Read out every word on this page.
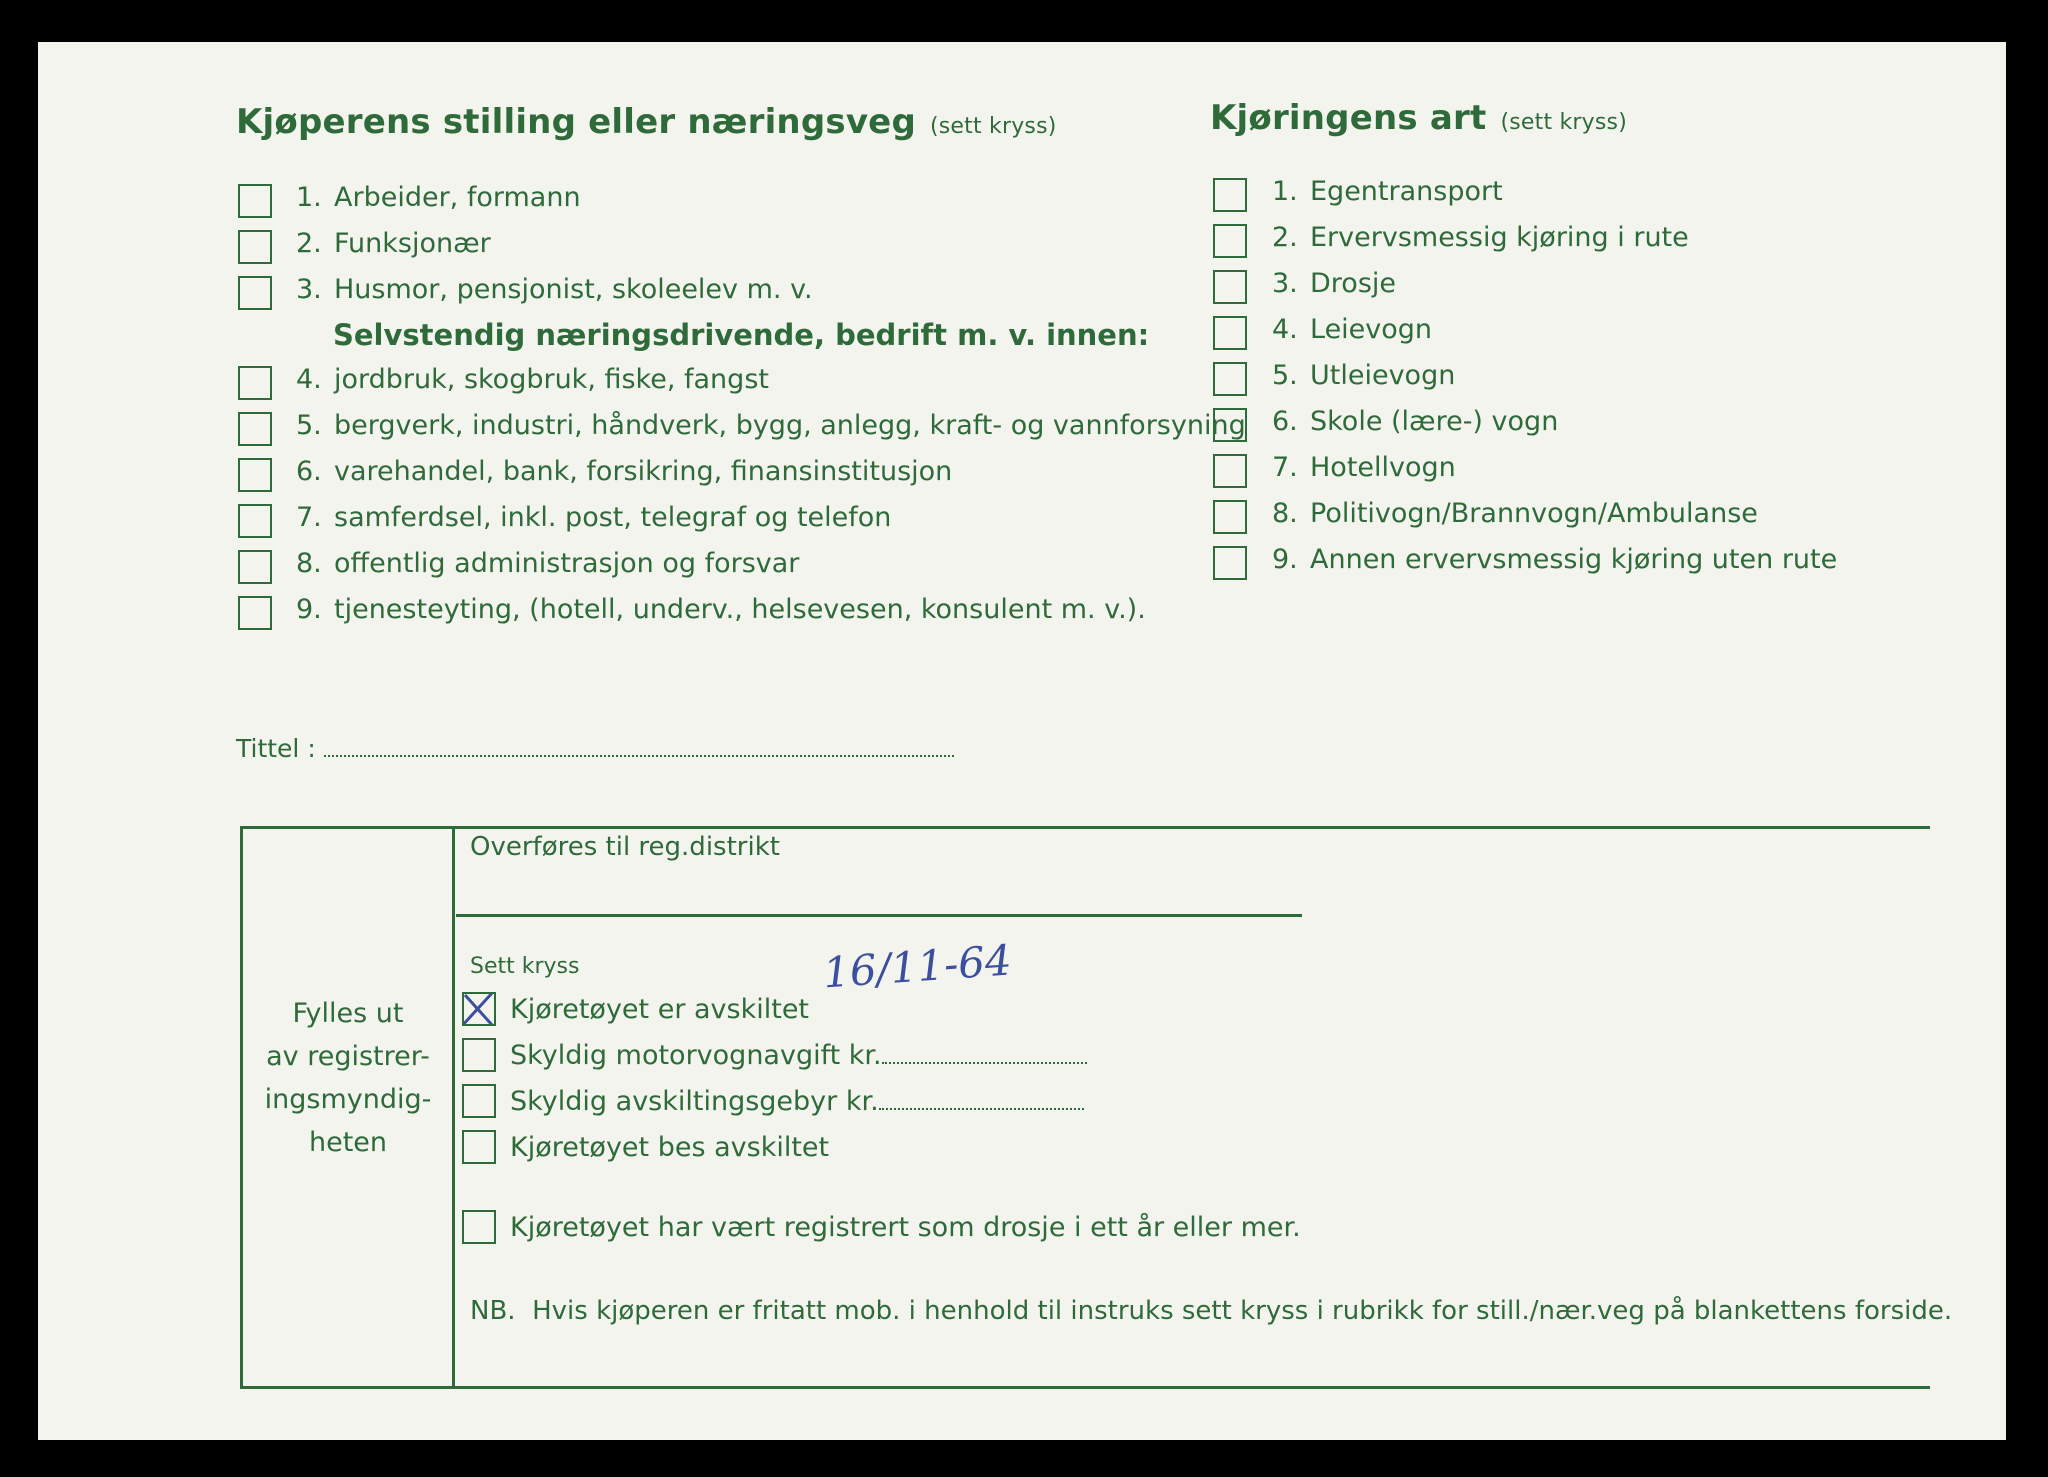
Kjøperens stilling eller næringsveg (sett kryss)
1. Arbeider, formann
2. Funksjonær
3. Husmor, pensjonist, skoleelev m. v.
Selvstendig næringsdrivende, bedrift m. v. innen:
4. jordbruk, skogbruk, fiske, fangst
5. bergverk, industri, håndverk, bygg, anlegg, kraft- og vannforsyning
6. varehandel, bank, forsikring, finansinstitusjon
7. samferdsel, inkl. post, telegraf og telefon
8. offentlig administrasjon og forsvar
9. tjenesteyting, (hotell, underv., helsevesen, konsulent m. v.).
Kjøringens art (sett kryss)
1. Egentransport
2. Ervervsmessig kjøring i rute
3. Drosje
4. Leievogn
5. Utleievogn
6. Skole (lære-) vogn
7. Hotellvogn
8. Politivogn/Brannvogn/Ambulanse
9. Annen ervervsmessig kjøring uten rute
Tittel :
Fylles ut
av registrer-
ingsmyndig-
heten
Overføres til reg.distrikt
Sett kryss	16/11-64
Kjøretøyet er avskiltet
Skyldig motorvognavgift kr.
Skyldig avskiltingsgebyr kr.
Kjøretøyet bes avskiltet
Kjøretøyet har vært registrert som drosje i ett år eller mer.
NB. Hvis kjøperen er fritatt mob. i henhold til instruks sett kryss i rubrikk for still./nær.veg på blankettens forside.
